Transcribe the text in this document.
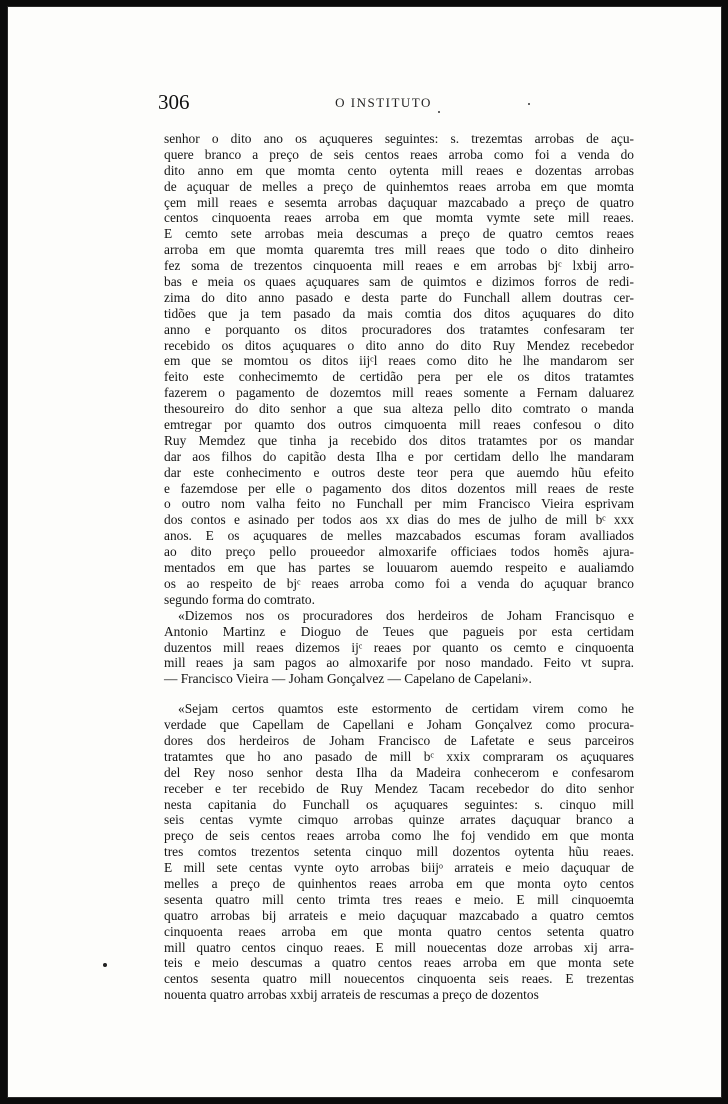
306	O INSTITUTO
senhor o dito ano os açuqueres seguintes: s. trezemtas arrobas de açu-
quere branco a preço de seis centos reaes arroba como foi a venda do
dito anno em que momta cento oytenta mill reaes e dozentas arrobas
de açuquar de melles a preço de quinhemtos reaes arroba em que momta
çem mill reaes e sesemta arrobas daçuquar mazcabado a preço de quatro
centos cinquoenta reaes arroba em que momta vymte sete mill reaes.
E cemto sete arrobas meia descumas a preço de quatro cemtos reaes
arroba em que momta quaremta tres mill reaes que todo o dito dinheiro
fez soma de trezentos cinquoenta mill reaes e em arrobas bjᶜ lxbij arro-
bas e meia os quaes açuquares sam de quimtos e dizimos forros de redi-
zima do dito anno pasado e desta parte do Funchall allem doutras cer-
tidões que ja tem pasado da mais comtia dos ditos açuquares do dito
anno e porquanto os ditos procuradores dos tratamtes confesaram ter
recebido os ditos açuquares o dito anno do dito Ruy Mendez recebedor
em que se momtou os ditos iijᶜl reaes como dito he lhe mandarom ser
feito este conhecimemto de certidão pera per ele os ditos tratamtes
fazerem o pagamento de dozemtos mill reaes somente a Fernam daluarez
thesoureiro do dito senhor a que sua alteza pello dito comtrato o manda
emtregar por quamto dos outros cimquoenta mill reaes confesou o dito
Ruy Memdez que tinha ja recebido dos ditos tratamtes por os mandar
dar aos filhos do capitão desta Ilha e por certidam dello lhe mandaram
dar este conhecimento e outros deste teor pera que auemdo hũu efeito
e fazemdose per elle o pagamento dos ditos dozentos mill reaes de reste
o outro nom valha feito no Funchall per mim Francisco Vieira esprivam
dos contos e asinado per todos aos xx dias do mes de julho de mill bᶜ xxx
anos. E os açuquares de melles mazcabados escumas foram avalliados
ao dito preço pello proueedor almoxarife officiaes todos homẽs ajura-
mentados em que has partes se louuarom auemdo respeito e aualiamdo
os ao respeito de bjᶜ reaes arroba como foi a venda do açuquar branco
segundo forma do comtrato.
«Dizemos nos os procuradores dos herdeiros de Joham Francisquo e
Antonio Martinz e Dioguo de Teues que pagueis por esta certidam
duzentos mill reaes dizemos ijᶜ reaes por quanto os cemto e cinquoenta
mill reaes ja sam pagos ao almoxarife por noso mandado. Feito vt supra.
— Francisco Vieira — Joham Gonçalvez — Capelano de Capelani».
«Sejam certos quamtos este estormento de certidam virem como he
verdade que Capellam de Capellani e Joham Gonçalvez como procura-
dores dos herdeiros de Joham Francisco de Lafetate e seus parceiros
tratamtes que ho ano pasado de mill bᶜ xxix compraram os açuquares
del Rey noso senhor desta Ilha da Madeira conhecerom e confesarom
receber e ter recebido de Ruy Mendez Tacam recebedor do dito senhor
nesta capitania do Funchall os açuquares seguintes: s. cinquo mill
seis centas vymte cimquo arrobas quinze arrates daçuquar branco a
preço de seis centos reaes arroba como lhe foj vendido em que monta
tres comtos trezentos setenta cinquo mill dozentos oytenta hũu reaes.
E mill sete centas vynte oyto arrobas biijᵒ arrateis e meio daçuquar de
melles a preço de quinhentos reaes arroba em que monta oyto centos
sesenta quatro mill cento trimta tres reaes e meio. E mill cinquoemta
quatro arrobas bij arrateis e meio daçuquar mazcabado a quatro cemtos
cinquoenta reaes arroba em que monta quatro centos setenta quatro
mill quatro centos cinquo reaes. E mill nouecentas doze arrobas xij arra-
teis e meio descumas a quatro centos reaes arroba em que monta sete
centos sesenta quatro mill nouecentos cinquoenta seis reaes. E trezentas
nouenta quatro arrobas xxbij arrateis de rescumas a preço de dozentos
